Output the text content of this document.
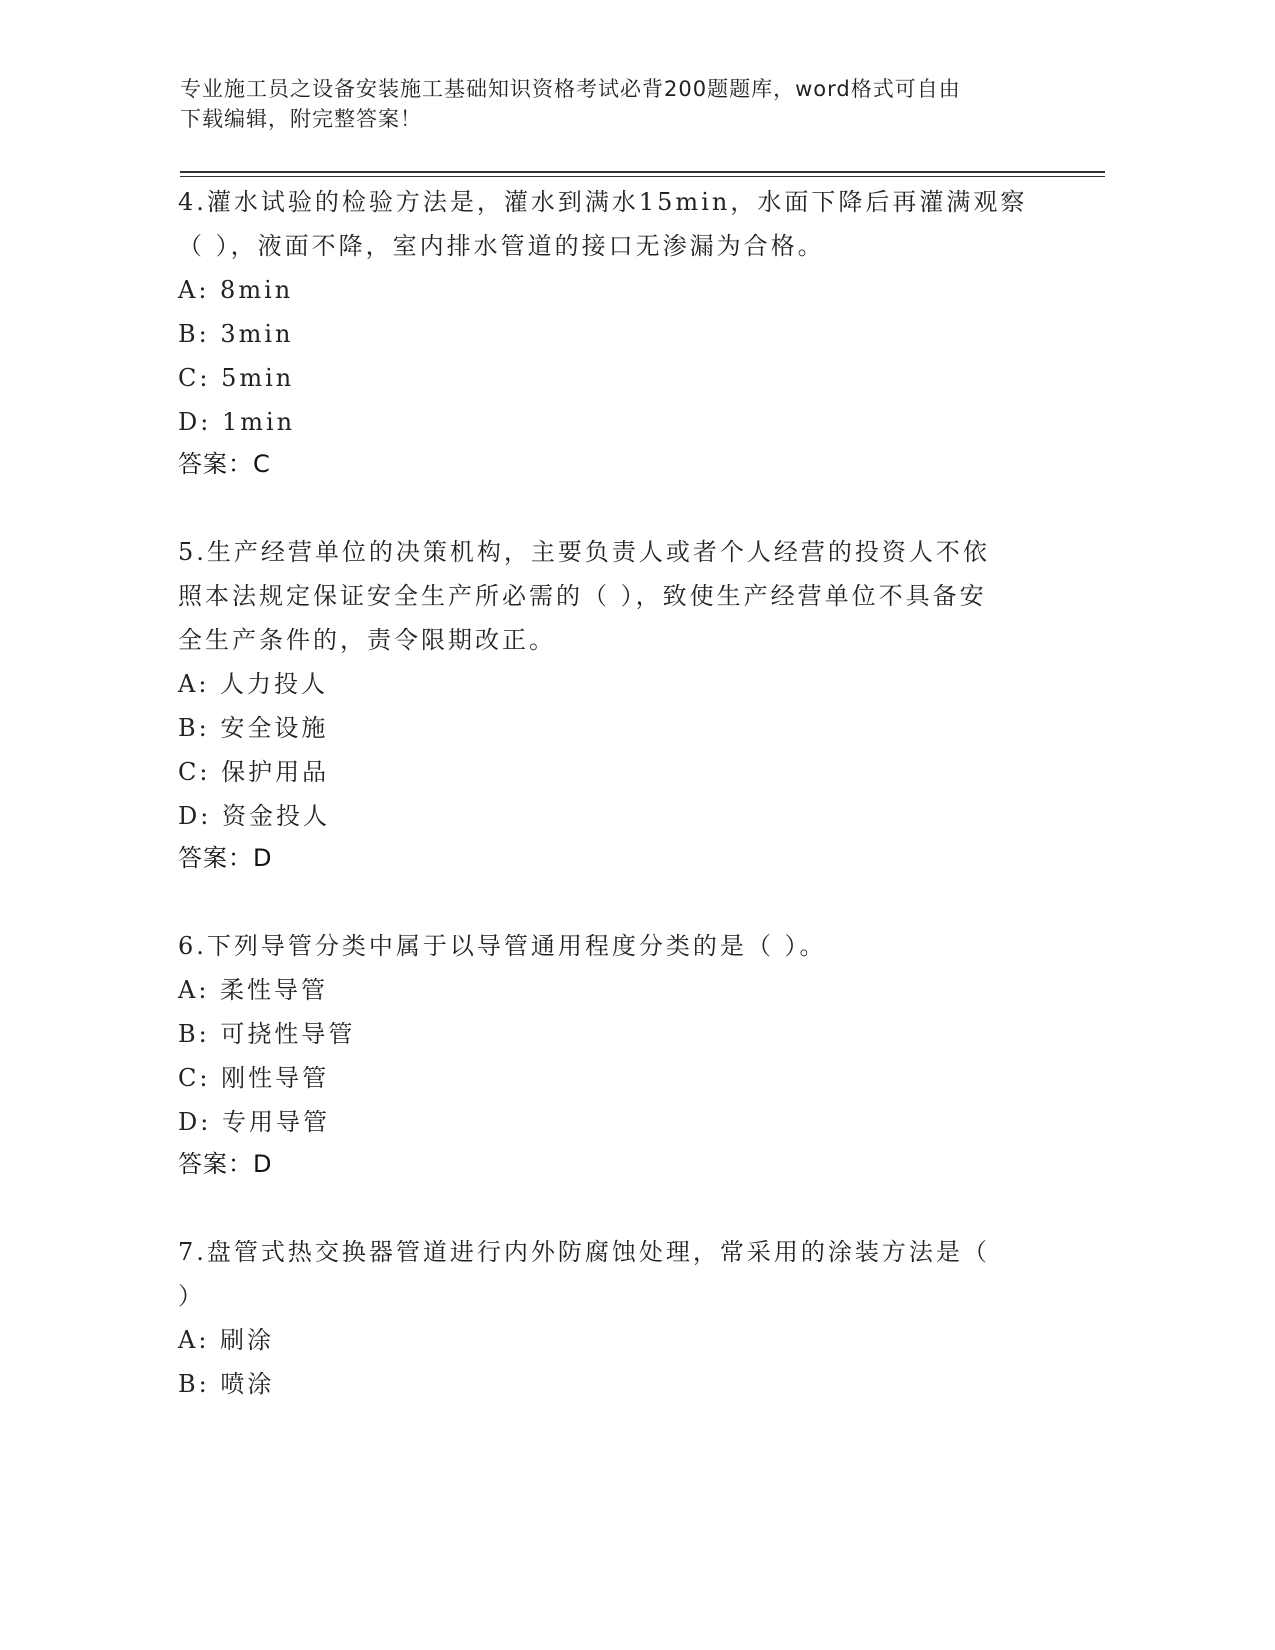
专业施工员之设备安装施工基础知识资格考试必背200题题库，word格式可自由
下载编辑，附完整答案！
4.灌水试验的检验方法是，灌水到满水15min，水面下降后再灌满观察
（ ），液面不降，室内排水管道的接口无渗漏为合格。
A: 8min
B: 3min
C: 5min
D: 1min
答案：C
5.生产经营单位的决策机构，主要负责人或者个人经营的投资人不依
照本法规定保证安全生产所必需的（ ），致使生产经营单位不具备安
全生产条件的，责令限期改正。
A: 人力投人
B: 安全设施
C: 保护用品
D: 资金投人
答案：D
6.下列导管分类中属于以导管通用程度分类的是（ ）。
A: 柔性导管
B: 可挠性导管
C: 刚性导管
D: 专用导管
答案：D
7.盘管式热交换器管道进行内外防腐蚀处理，常采用的涂装方法是（
）
A: 刷涂
B: 喷涂
